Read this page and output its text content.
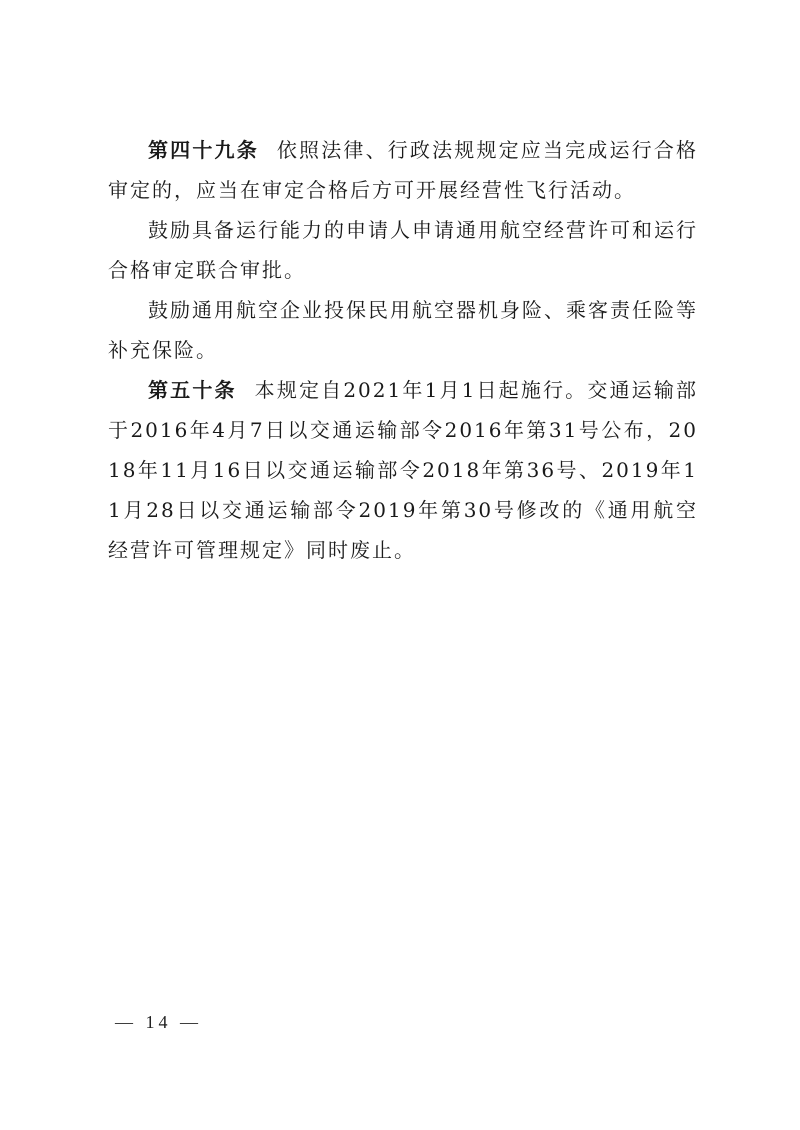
第四十九条 依照法律、行政法规规定应当完成运行合格审定的，应当在审定合格后方可开展经营性飞行活动。

鼓励具备运行能力的申请人申请通用航空经营许可和运行合格审定联合审批。

鼓励通用航空企业投保民用航空器机身险、乘客责任险等补充保险。

第五十条 本规定自2021年1月1日起施行。交通运输部于2016年4月7日以交通运输部令2016年第31号公布，2018年11月16日以交通运输部令2018年第36号、2019年11月28日以交通运输部令2019年第30号修改的《通用航空经营许可管理规定》同时废止。

— 14 —
